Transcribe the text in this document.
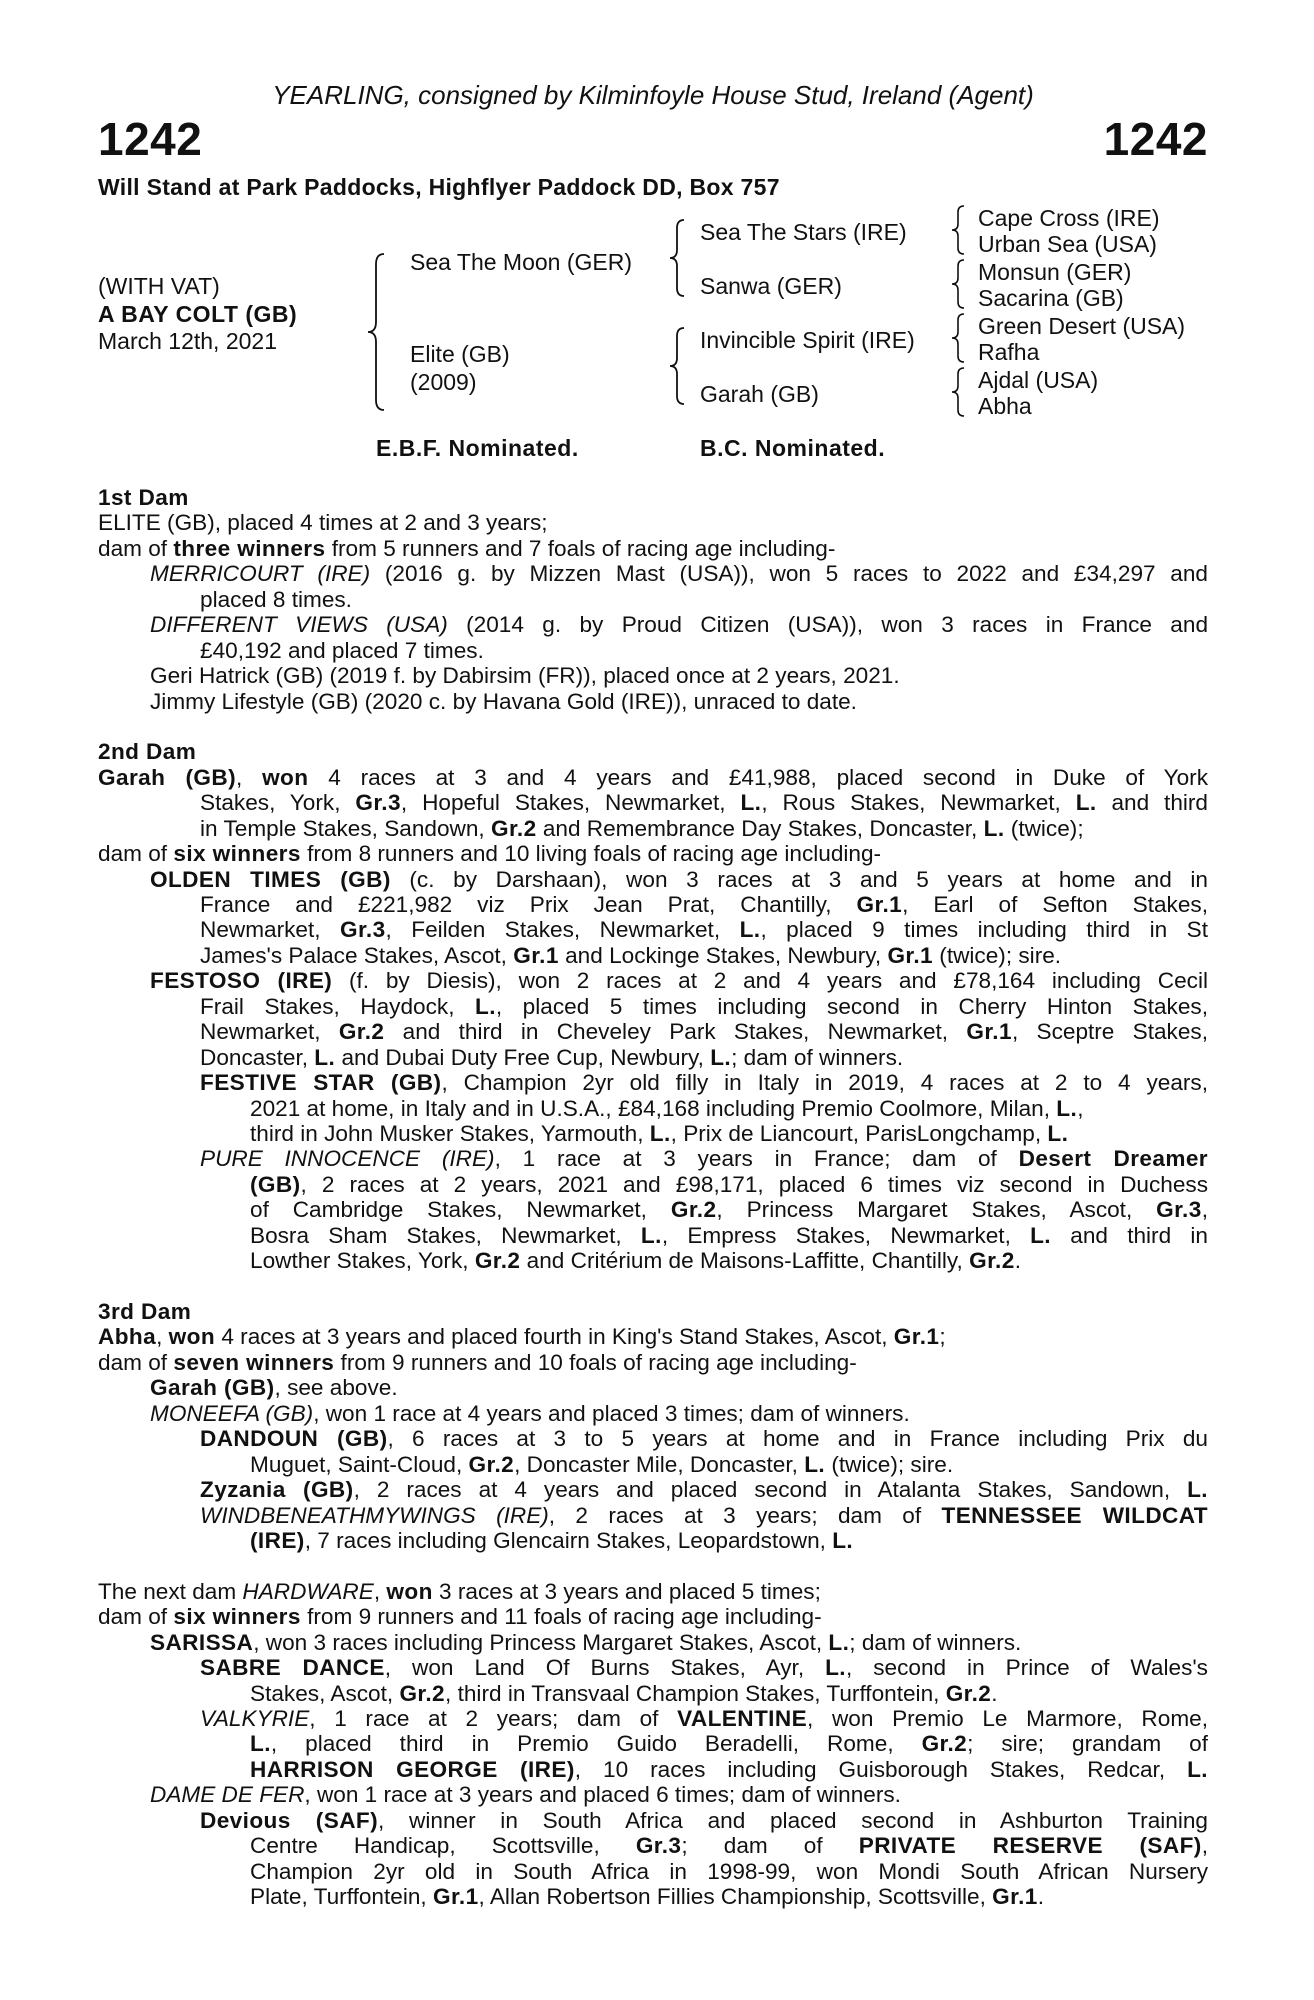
YEARLING, consigned by Kilminfoyle House Stud, Ireland (Agent)
1242	1242
Will Stand at Park Paddocks, Highflyer Paddock DD, Box 757
(WITH VAT)
A BAY COLT (GB)
March 12th, 2021
Sea The Moon (GER)
Elite (GB)
(2009)
Sea The Stars (IRE)
Sanwa (GER)
Invincible Spirit (IRE)
Garah (GB)
Cape Cross (IRE)
Urban Sea (USA)
Monsun (GER)
Sacarina (GB)
Green Desert (USA)
Rafha
Ajdal (USA)
Abha
E.B.F. Nominated.	B.C. Nominated.
1st Dam
ELITE (GB), placed 4 times at 2 and 3 years;
dam of three winners from 5 runners and 7 foals of racing age including-
MERRICOURT (IRE) (2016 g. by Mizzen Mast (USA)), won 5 races to 2022 and £34,297 and
placed 8 times.
DIFFERENT VIEWS (USA) (2014 g. by Proud Citizen (USA)), won 3 races in France and
£40,192 and placed 7 times.
Geri Hatrick (GB) (2019 f. by Dabirsim (FR)), placed once at 2 years, 2021.
Jimmy Lifestyle (GB) (2020 c. by Havana Gold (IRE)), unraced to date.
2nd Dam
Garah (GB), won 4 races at 3 and 4 years and £41,988, placed second in Duke of York
Stakes, York, Gr.3, Hopeful Stakes, Newmarket, L., Rous Stakes, Newmarket, L. and third
in Temple Stakes, Sandown, Gr.2 and Remembrance Day Stakes, Doncaster, L. (twice);
dam of six winners from 8 runners and 10 living foals of racing age including-
OLDEN TIMES (GB) (c. by Darshaan), won 3 races at 3 and 5 years at home and in
France and £221,982 viz Prix Jean Prat, Chantilly, Gr.1, Earl of Sefton Stakes,
Newmarket, Gr.3, Feilden Stakes, Newmarket, L., placed 9 times including third in St
James's Palace Stakes, Ascot, Gr.1 and Lockinge Stakes, Newbury, Gr.1 (twice); sire.
FESTOSO (IRE) (f. by Diesis), won 2 races at 2 and 4 years and £78,164 including Cecil
Frail Stakes, Haydock, L., placed 5 times including second in Cherry Hinton Stakes,
Newmarket, Gr.2 and third in Cheveley Park Stakes, Newmarket, Gr.1, Sceptre Stakes,
Doncaster, L. and Dubai Duty Free Cup, Newbury, L.; dam of winners.
FESTIVE STAR (GB), Champion 2yr old filly in Italy in 2019, 4 races at 2 to 4 years,
2021 at home, in Italy and in U.S.A., £84,168 including Premio Coolmore, Milan, L.,
third in John Musker Stakes, Yarmouth, L., Prix de Liancourt, ParisLongchamp, L.
PURE INNOCENCE (IRE), 1 race at 3 years in France; dam of Desert Dreamer
(GB), 2 races at 2 years, 2021 and £98,171, placed 6 times viz second in Duchess
of Cambridge Stakes, Newmarket, Gr.2, Princess Margaret Stakes, Ascot, Gr.3,
Bosra Sham Stakes, Newmarket, L., Empress Stakes, Newmarket, L. and third in
Lowther Stakes, York, Gr.2 and Critérium de Maisons-Laffitte, Chantilly, Gr.2.
3rd Dam
Abha, won 4 races at 3 years and placed fourth in King's Stand Stakes, Ascot, Gr.1;
dam of seven winners from 9 runners and 10 foals of racing age including-
Garah (GB), see above.
MONEEFA (GB), won 1 race at 4 years and placed 3 times; dam of winners.
DANDOUN (GB), 6 races at 3 to 5 years at home and in France including Prix du
Muguet, Saint-Cloud, Gr.2, Doncaster Mile, Doncaster, L. (twice); sire.
Zyzania (GB), 2 races at 4 years and placed second in Atalanta Stakes, Sandown, L.
WINDBENEATHMYWINGS (IRE), 2 races at 3 years; dam of TENNESSEE WILDCAT
(IRE), 7 races including Glencairn Stakes, Leopardstown, L.
The next dam HARDWARE, won 3 races at 3 years and placed 5 times;
dam of six winners from 9 runners and 11 foals of racing age including-
SARISSA, won 3 races including Princess Margaret Stakes, Ascot, L.; dam of winners.
SABRE DANCE, won Land Of Burns Stakes, Ayr, L., second in Prince of Wales's
Stakes, Ascot, Gr.2, third in Transvaal Champion Stakes, Turffontein, Gr.2.
VALKYRIE, 1 race at 2 years; dam of VALENTINE, won Premio Le Marmore, Rome,
L., placed third in Premio Guido Beradelli, Rome, Gr.2; sire; grandam of
HARRISON GEORGE (IRE), 10 races including Guisborough Stakes, Redcar, L.
DAME DE FER, won 1 race at 3 years and placed 6 times; dam of winners.
Devious (SAF), winner in South Africa and placed second in Ashburton Training
Centre Handicap, Scottsville, Gr.3; dam of PRIVATE RESERVE (SAF),
Champion 2yr old in South Africa in 1998-99, won Mondi South African Nursery
Plate, Turffontein, Gr.1, Allan Robertson Fillies Championship, Scottsville, Gr.1.
